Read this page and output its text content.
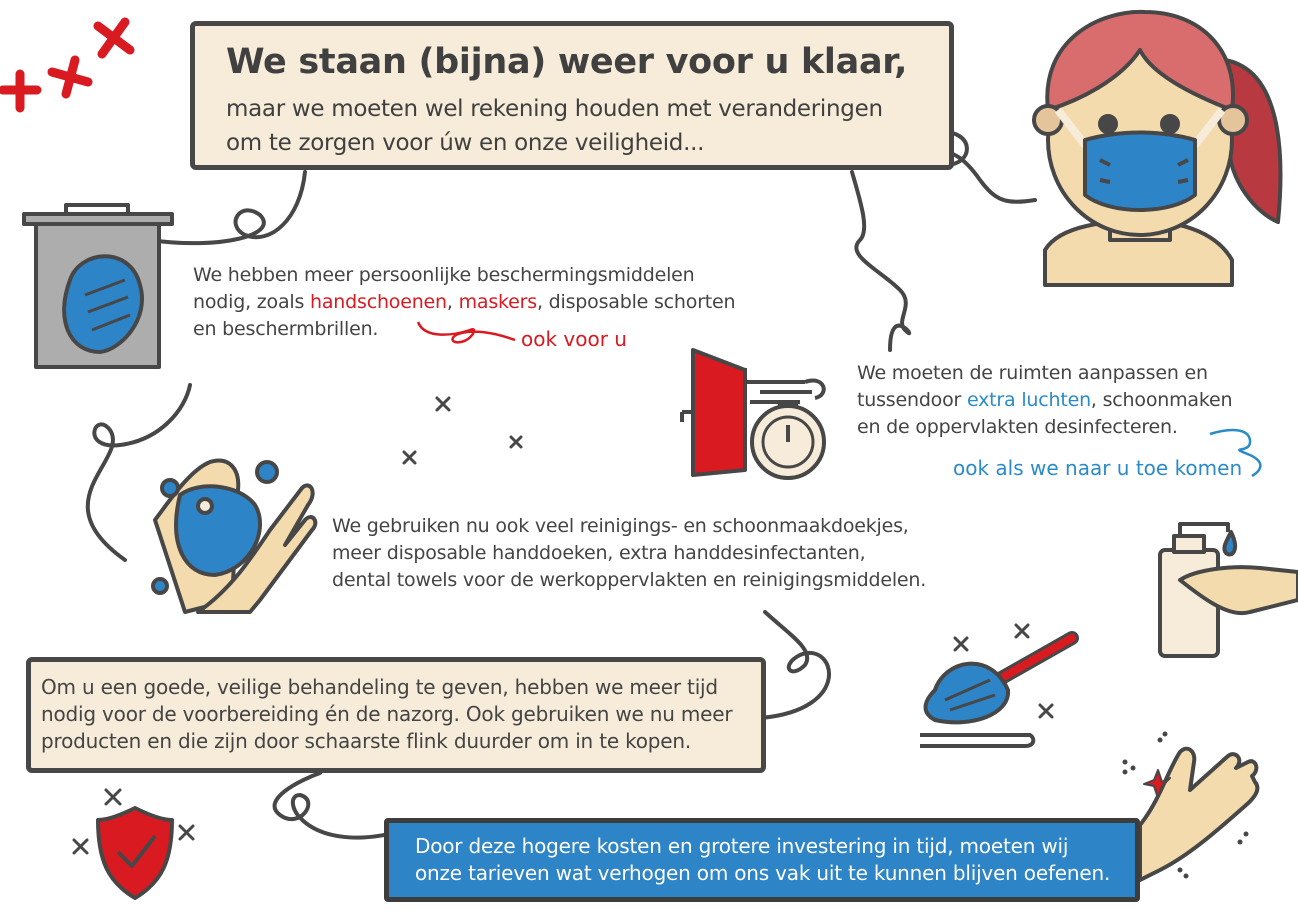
We staan (bijna) weer voor u klaar,
maar we moeten wel rekening houden met veranderingen
om te zorgen voor úw en onze veiligheid...
We hebben meer persoonlijke beschermingsmiddelen
nodig, zoals handschoenen, maskers, disposable schorten
en beschermbrillen.	ook voor u
We moeten de ruimten aanpassen en
tussendoor extra luchten, schoonmaken
en de oppervlakten desinfecteren.
ook als we naar u toe komen
We gebruiken nu ook veel reinigings- en schoonmaakdoekjes,
meer disposable handdoeken, extra handdesinfectanten,
dental towels voor de werkoppervlakten en reinigingsmiddelen.
Om u een goede, veilige behandeling te geven, hebben we meer tijd
nodig voor de voorbereiding én de nazorg. Ook gebruiken we nu meer
producten en die zijn door schaarste flink duurder om in te kopen.
Door deze hogere kosten en grotere investering in tijd, moeten wij
onze tarieven wat verhogen om ons vak uit te kunnen blijven oefenen.
